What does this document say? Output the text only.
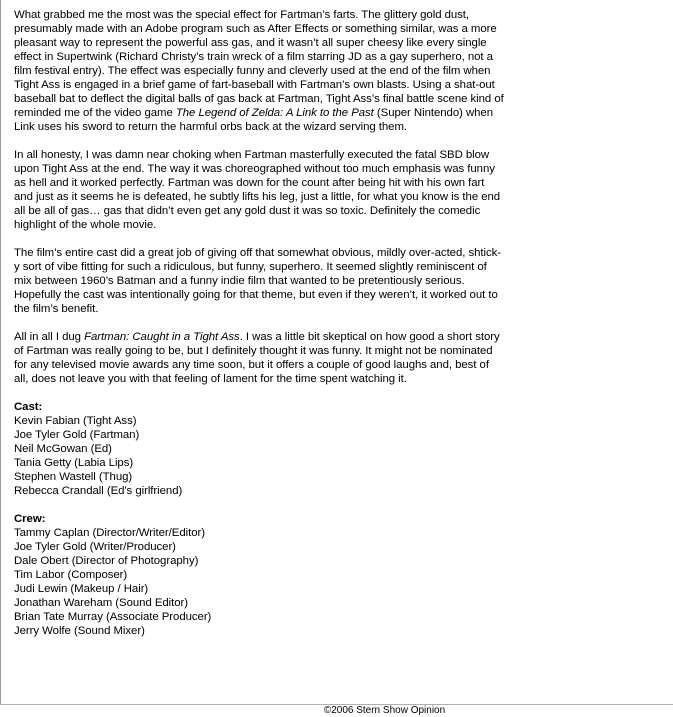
What grabbed me the most was the special effect for Fartman’s farts. The glittery gold dust, presumably made with an Adobe program such as After Effects or something similar, was a more pleasant way to represent the powerful ass gas, and it wasn’t all super cheesy like every single effect in Supertwink (Richard Christy’s train wreck of a film starring JD as a gay superhero, not a film festival entry). The effect was especially funny and cleverly used at the end of the film when Tight Ass is engaged in a brief game of fart-baseball with Fartman’s own blasts. Using a shat-out baseball bat to deflect the digital balls of gas back at Fartman, Tight Ass’s final battle scene kind of reminded me of the video game The Legend of Zelda: A Link to the Past (Super Nintendo) when Link uses his sword to return the harmful orbs back at the wizard serving them.

In all honesty, I was damn near choking when Fartman masterfully executed the fatal SBD blow upon Tight Ass at the end. The way it was choreographed without too much emphasis was funny as hell and it worked perfectly. Fartman was down for the count after being hit with his own fart and just as it seems he is defeated, he subtly lifts his leg, just a little, for what you know is the end all be all of gas… gas that didn’t even get any gold dust it was so toxic. Definitely the comedic highlight of the whole movie.

The film’s entire cast did a great job of giving off that somewhat obvious, mildly over-acted, shtick-y sort of vibe fitting for such a ridiculous, but funny, superhero. It seemed slightly reminiscent of mix between 1960’s Batman and a funny indie film that wanted to be pretentiously serious. Hopefully the cast was intentionally going for that theme, but even if they weren’t, it worked out to the film’s benefit.

All in all I dug Fartman: Caught in a Tight Ass. I was a little bit skeptical on how good a short story of Fartman was really going to be, but I definitely thought it was funny. It might not be nominated for any televised movie awards any time soon, but it offers a couple of good laughs and, best of all, does not leave you with that feeling of lament for the time spent watching it.

Cast:
Kevin Fabian (Tight Ass)
Joe Tyler Gold (Fartman)
Neil McGowan (Ed)
Tania Getty (Labia Lips)
Stephen Wastell (Thug)
Rebecca Crandall (Ed's girlfriend)
Crew:
Tammy Caplan (Director/Writer/Editor)
Joe Tyler Gold (Writer/Producer)
Dale Obert (Director of Photography)
Tim Labor (Composer)
Judi Lewin (Makeup / Hair)
Jonathan Wareham (Sound Editor)
Brian Tate Murray (Associate Producer)
Jerry Wolfe (Sound Mixer)
©2006 Stern Show Opinion
